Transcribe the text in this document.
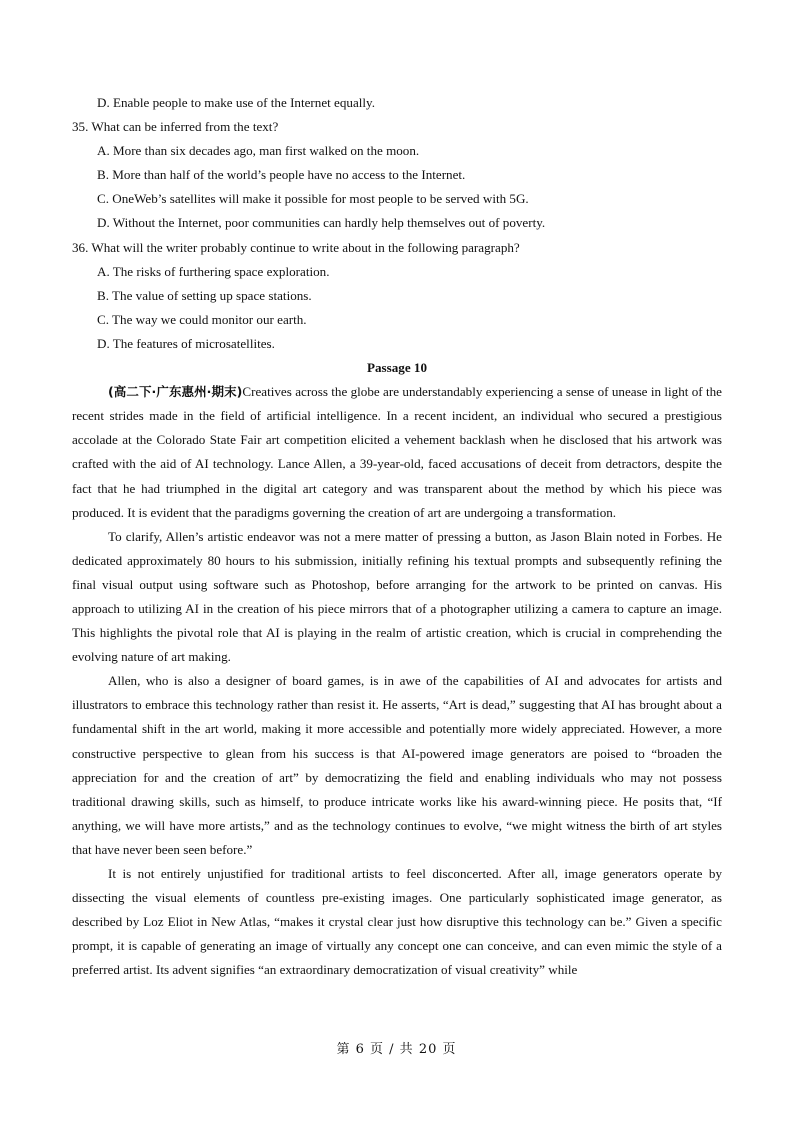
D. Enable people to make use of the Internet equally.

35. What can be inferred from the text?

A. More than six decades ago, man first walked on the moon.

B. More than half of the world’s people have no access to the Internet.

C. OneWeb’s satellites will make it possible for most people to be served with 5G.

D. Without the Internet, poor communities can hardly help themselves out of poverty.

36. What will the writer probably continue to write about in the following paragraph?

A. The risks of furthering space exploration.

B. The value of setting up space stations.

C. The way we could monitor our earth.

D. The features of microsatellites.

Passage 10

(高二下·广东惠州·期末)Creatives across the globe are understandably experiencing a sense of unease in light of the recent strides made in the field of artificial intelligence. In a recent incident, an individual who secured a prestigious accolade at the Colorado State Fair art competition elicited a vehement backlash when he disclosed that his artwork was crafted with the aid of AI technology. Lance Allen, a 39-year-old, faced accusations of deceit from detractors, despite the fact that he had triumphed in the digital art category and was transparent about the method by which his piece was produced. It is evident that the paradigms governing the creation of art are undergoing a transformation.

To clarify, Allen’s artistic endeavor was not a mere matter of pressing a button, as Jason Blain noted in Forbes. He dedicated approximately 80 hours to his submission, initially refining his textual prompts and subsequently refining the final visual output using software such as Photoshop, before arranging for the artwork to be printed on canvas. His approach to utilizing AI in the creation of his piece mirrors that of a photographer utilizing a camera to capture an image. This highlights the pivotal role that AI is playing in the realm of artistic creation, which is crucial in comprehending the evolving nature of art making.

Allen, who is also a designer of board games, is in awe of the capabilities of AI and advocates for artists and illustrators to embrace this technology rather than resist it. He asserts, “Art is dead,” suggesting that AI has brought about a fundamental shift in the art world, making it more accessible and potentially more widely appreciated. However, a more constructive perspective to glean from his success is that AI-powered image generators are poised to “broaden the appreciation for and the creation of art” by democratizing the field and enabling individuals who may not possess traditional drawing skills, such as himself, to produce intricate works like his award-winning piece. He posits that, “If anything, we will have more artists,” and as the technology continues to evolve, “we might witness the birth of art styles that have never been seen before.”

It is not entirely unjustified for traditional artists to feel disconcerted. After all, image generators operate by dissecting the visual elements of countless pre-existing images. One particularly sophisticated image generator, as described by Loz Eliot in New Atlas, “makes it crystal clear just how disruptive this technology can be.” Given a specific prompt, it is capable of generating an image of virtually any concept one can conceive, and can even mimic the style of a preferred artist. Its advent signifies “an extraordinary democratization of visual creativity” while

第 6 页 / 共 20 页
